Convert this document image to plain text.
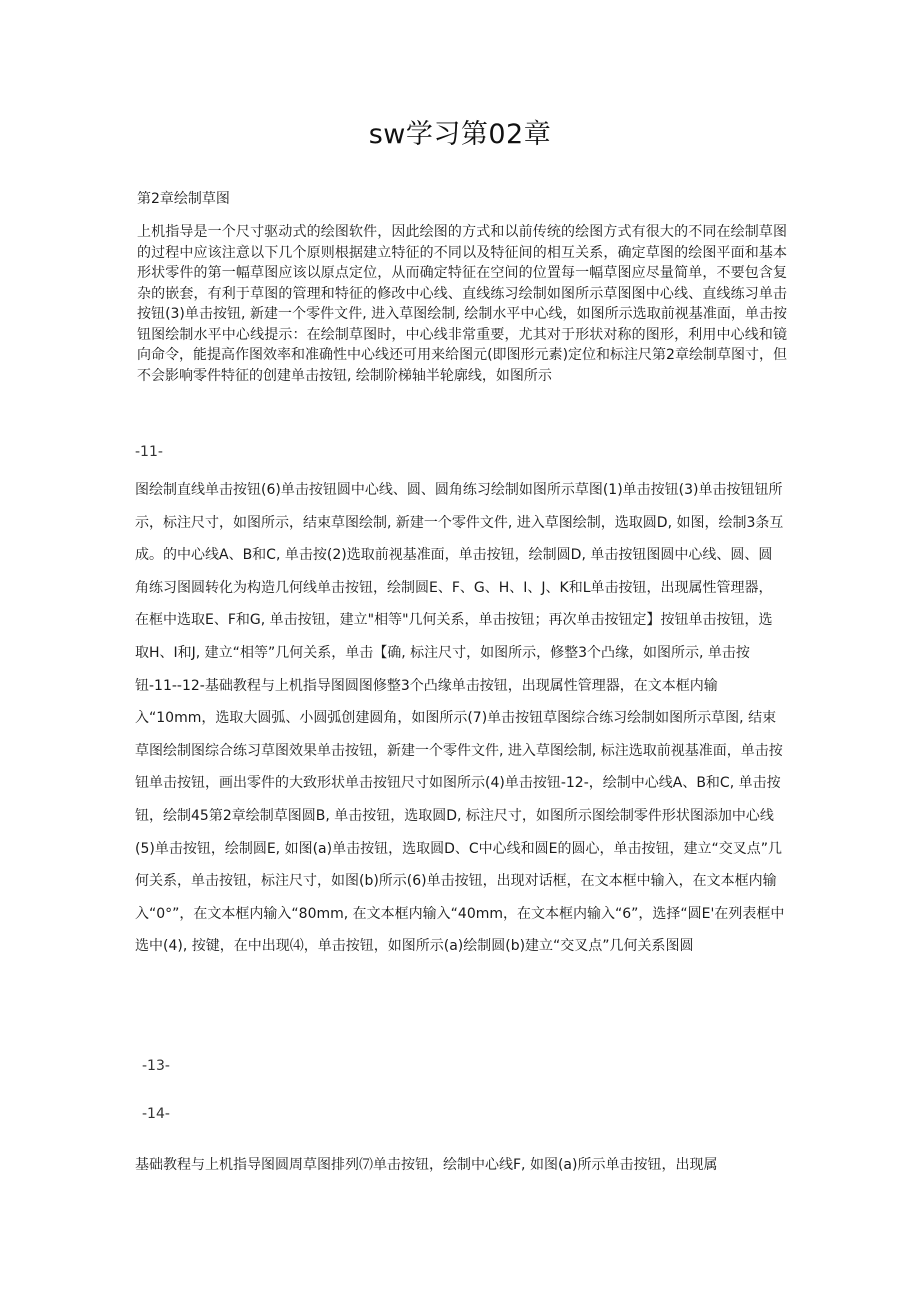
sw学习第02章
第2章绘制草图
上机指导是一个尺寸驱动式的绘图软件，因此绘图的方式和以前传统的绘图方式有很大的不同在绘制草图的过程中应该注意以下几个原则根据建立特征的不同以及特征间的相互关系，确定草图的绘图平面和基本形状零件的第一幅草图应该以原点定位，从而确定特征在空间的位置每一幅草图应尽量简单，不要包含复杂的嵌套，有利于草图的管理和特征的修改中心线、直线练习绘制如图所示草图图中心线、直线练习单击按钮(3)单击按钮, 新建一个零件文件, 进入草图绘制, 绘制水平中心线，如图所示选取前视基准面，单击按钮图绘制水平中心线提示：在绘制草图时，中心线非常重要，尤其对于形状对称的图形，利用中心线和镜向命令，能提高作图效率和准确性中心线还可用来给图元(即图形元素)定位和标注尺第2章绘制草图寸，但不会影响零件特征的创建单击按钮, 绘制阶梯轴半轮廓线，如图所示
-11-
图绘制直线单击按钮(6)单击按钮圆中心线、圆、圆角练习绘制如图所示草图(1)单击按钮(3)单击按钮钮所示，标注尺寸，如图所示，结束草图绘制, 新建一个零件文件, 进入草图绘制，选取圆D, 如图，绘制3条互成。的中心线A、B和C, 单击按(2)选取前视基准面，单击按钮，绘制圆D, 单击按钮图圆中心线、圆、圆角练习图圆转化为构造几何线单击按钮，绘制圆E、F、G、H、I、J、K和L单击按钮，出现属性管理器，在框中选取E、F和G, 单击按钮，建立"相等"几何关系，单击按钮；再次单击按钮定】按钮单击按钮，选取H、I和J, 建立“相等”几何关系，单击【确, 标注尺寸，如图所示，修整3个凸缘，如图所示, 单击按钮-11--12-基础教程与上机指导图圆图修整3个凸缘单击按钮，出现属性管理器，在文本框内输入“10mm，选取大圆弧、小圆弧创建圆角，如图所示(7)单击按钮草图综合练习绘制如图所示草图, 结束草图绘制图综合练习草图效果单击按钮，新建一个零件文件, 进入草图绘制, 标注选取前视基准面，单击按钮单击按钮，画出零件的大致形状单击按钮尺寸如图所示(4)单击按钮-12-，绘制中心线A、B和C, 单击按钮，绘制45第2章绘制草图圆B, 单击按钮，选取圆D, 标注尺寸，如图所示图绘制零件形状图添加中心线(5)单击按钮，绘制圆E, 如图(a)单击按钮，选取圆D、C中心线和圆E的圆心，单击按钮，建立“交叉点”几何关系，单击按钮，标注尺寸，如图(b)所示(6)单击按钮，出现对话框，在文本框中输入，在文本框内输入“0°”，在文本框内输入“80mm, 在文本框内输入“40mm，在文本框内输入“6”，选择“圆E'在列表框中选中(4), 按键，在中出现⑷，单击按钮，如图所示(a)绘制圆(b)建立“交叉点”几何关系图圆
-13-
-14-
基础教程与上机指导图圆周草图排列⑺单击按钮，绘制中心线F, 如图(a)所示单击按钮，出现属
